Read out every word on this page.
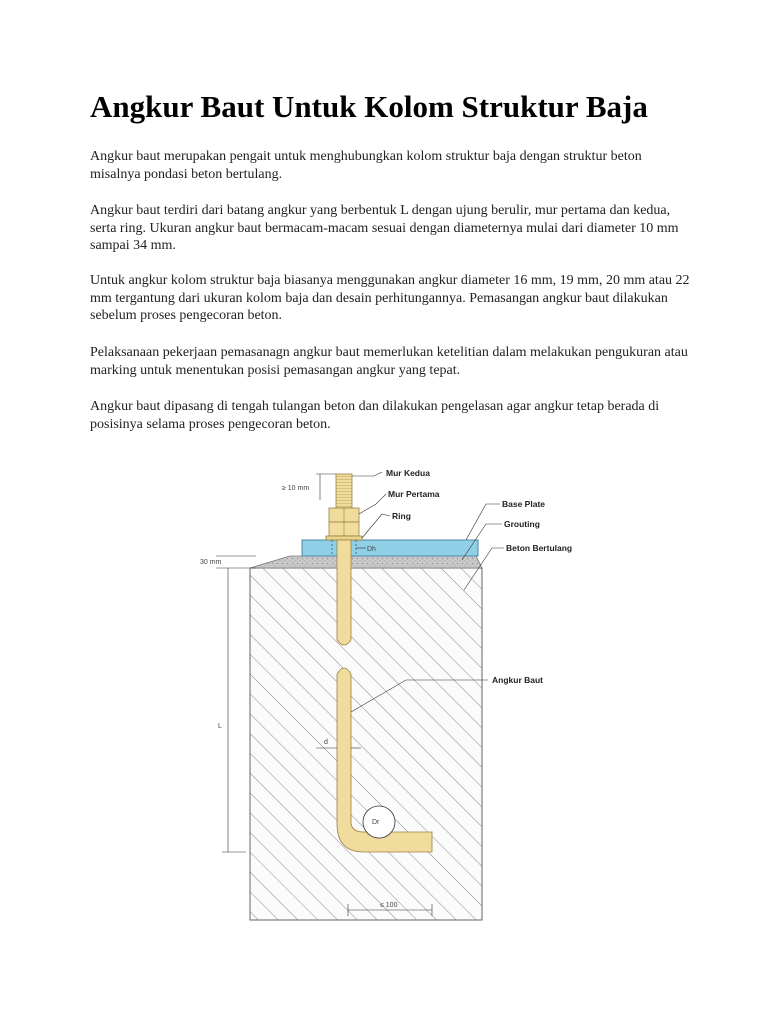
Angkur Baut Untuk Kolom Struktur Baja

Angkur baut merupakan pengait untuk menghubungkan kolom struktur baja dengan struktur beton misalnya pondasi beton bertulang.

Angkur baut terdiri dari batang angkur yang berbentuk L dengan ujung berulir, mur pertama dan kedua, serta ring. Ukuran angkur baut bermacam-macam sesuai dengan diameternya mulai dari diameter 10 mm sampai 34 mm.

Untuk angkur kolom struktur baja biasanya menggunakan angkur diameter 16 mm, 19 mm, 20 mm atau 22 mm tergantung dari ukuran kolom baja dan desain perhitungannya. Pemasangan angkur baut dilakukan sebelum proses pengecoran beton.

Pelaksanaan pekerjaan pemasanagn angkur baut memerlukan ketelitian dalam melakukan pengukuran atau marking untuk menentukan posisi pemasangan angkur yang tepat.

Angkur baut dipasang di tengah tulangan beton dan dilakukan pengelasan agar angkur tetap berada di posisinya selama proses pengecoran beton.

Dr
≥ 10 mm
30 mm
Dh
L
d
≤ 100
Mur Kedua
Mur Pertama
Ring
Base Plate
Grouting
Beton Bertulang
Angkur Baut
